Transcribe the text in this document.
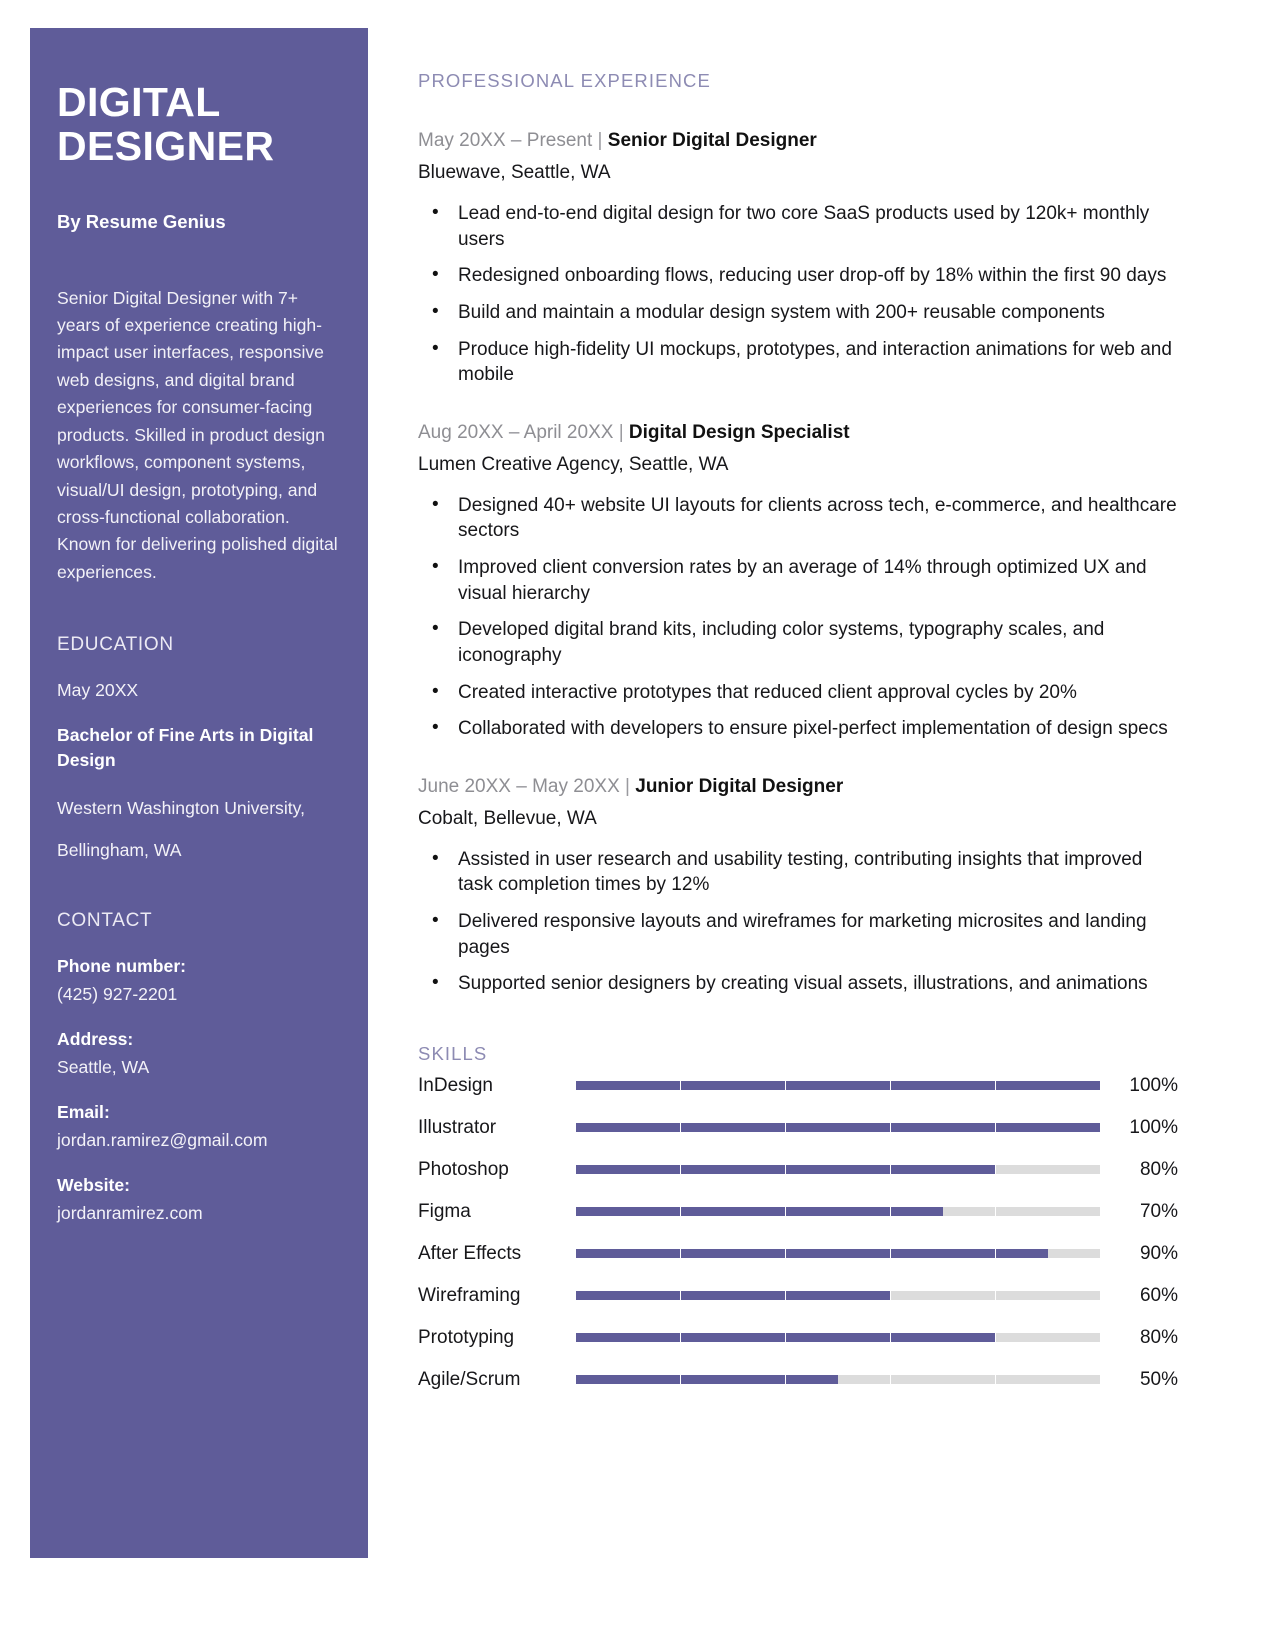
DIGITAL
DESIGNER
By Resume Genius

Senior Digital Designer with 7+ years of experience creating high-impact user interfaces, responsive web designs, and digital brand experiences for consumer-facing products. Skilled in product design workflows, component systems, visual/UI design, prototyping, and cross-functional collaboration. Known for delivering polished digital experiences.

EDUCATION
May 20XX
Bachelor of Fine Arts in Digital Design
Western Washington University,
Bellingham, WA
CONTACT
Phone number:
(425) 927-2201
Address:
Seattle, WA
Email:
jordan.ramirez@gmail.com
Website:
jordanramirez.com
PROFESSIONAL EXPERIENCE
May 20XX – Present | Senior Digital Designer
Bluewave, Seattle, WA
• Lead end-to-end digital design for two core SaaS products used by 120k+ monthly users
• Redesigned onboarding flows, reducing user drop-off by 18% within the first 90 days
• Build and maintain a modular design system with 200+ reusable components
• Produce high-fidelity UI mockups, prototypes, and interaction animations for web and mobile
Aug 20XX – April 20XX | Digital Design Specialist
Lumen Creative Agency, Seattle, WA
• Designed 40+ website UI layouts for clients across tech, e-commerce, and healthcare sectors
• Improved client conversion rates by an average of 14% through optimized UX and visual hierarchy
• Developed digital brand kits, including color systems, typography scales, and iconography
• Created interactive prototypes that reduced client approval cycles by 20%
• Collaborated with developers to ensure pixel-perfect implementation of design specs
June 20XX – May 20XX | Junior Digital Designer
Cobalt, Bellevue, WA
• Assisted in user research and usability testing, contributing insights that improved task completion times by 12%
• Delivered responsive layouts and wireframes for marketing microsites and landing pages
• Supported senior designers by creating visual assets, illustrations, and animations
SKILLS
InDesign	100%
Illustrator	100%
Photoshop	80%
Figma	70%
After Effects	90%
Wireframing	60%
Prototyping	80%
Agile/Scrum	50%
